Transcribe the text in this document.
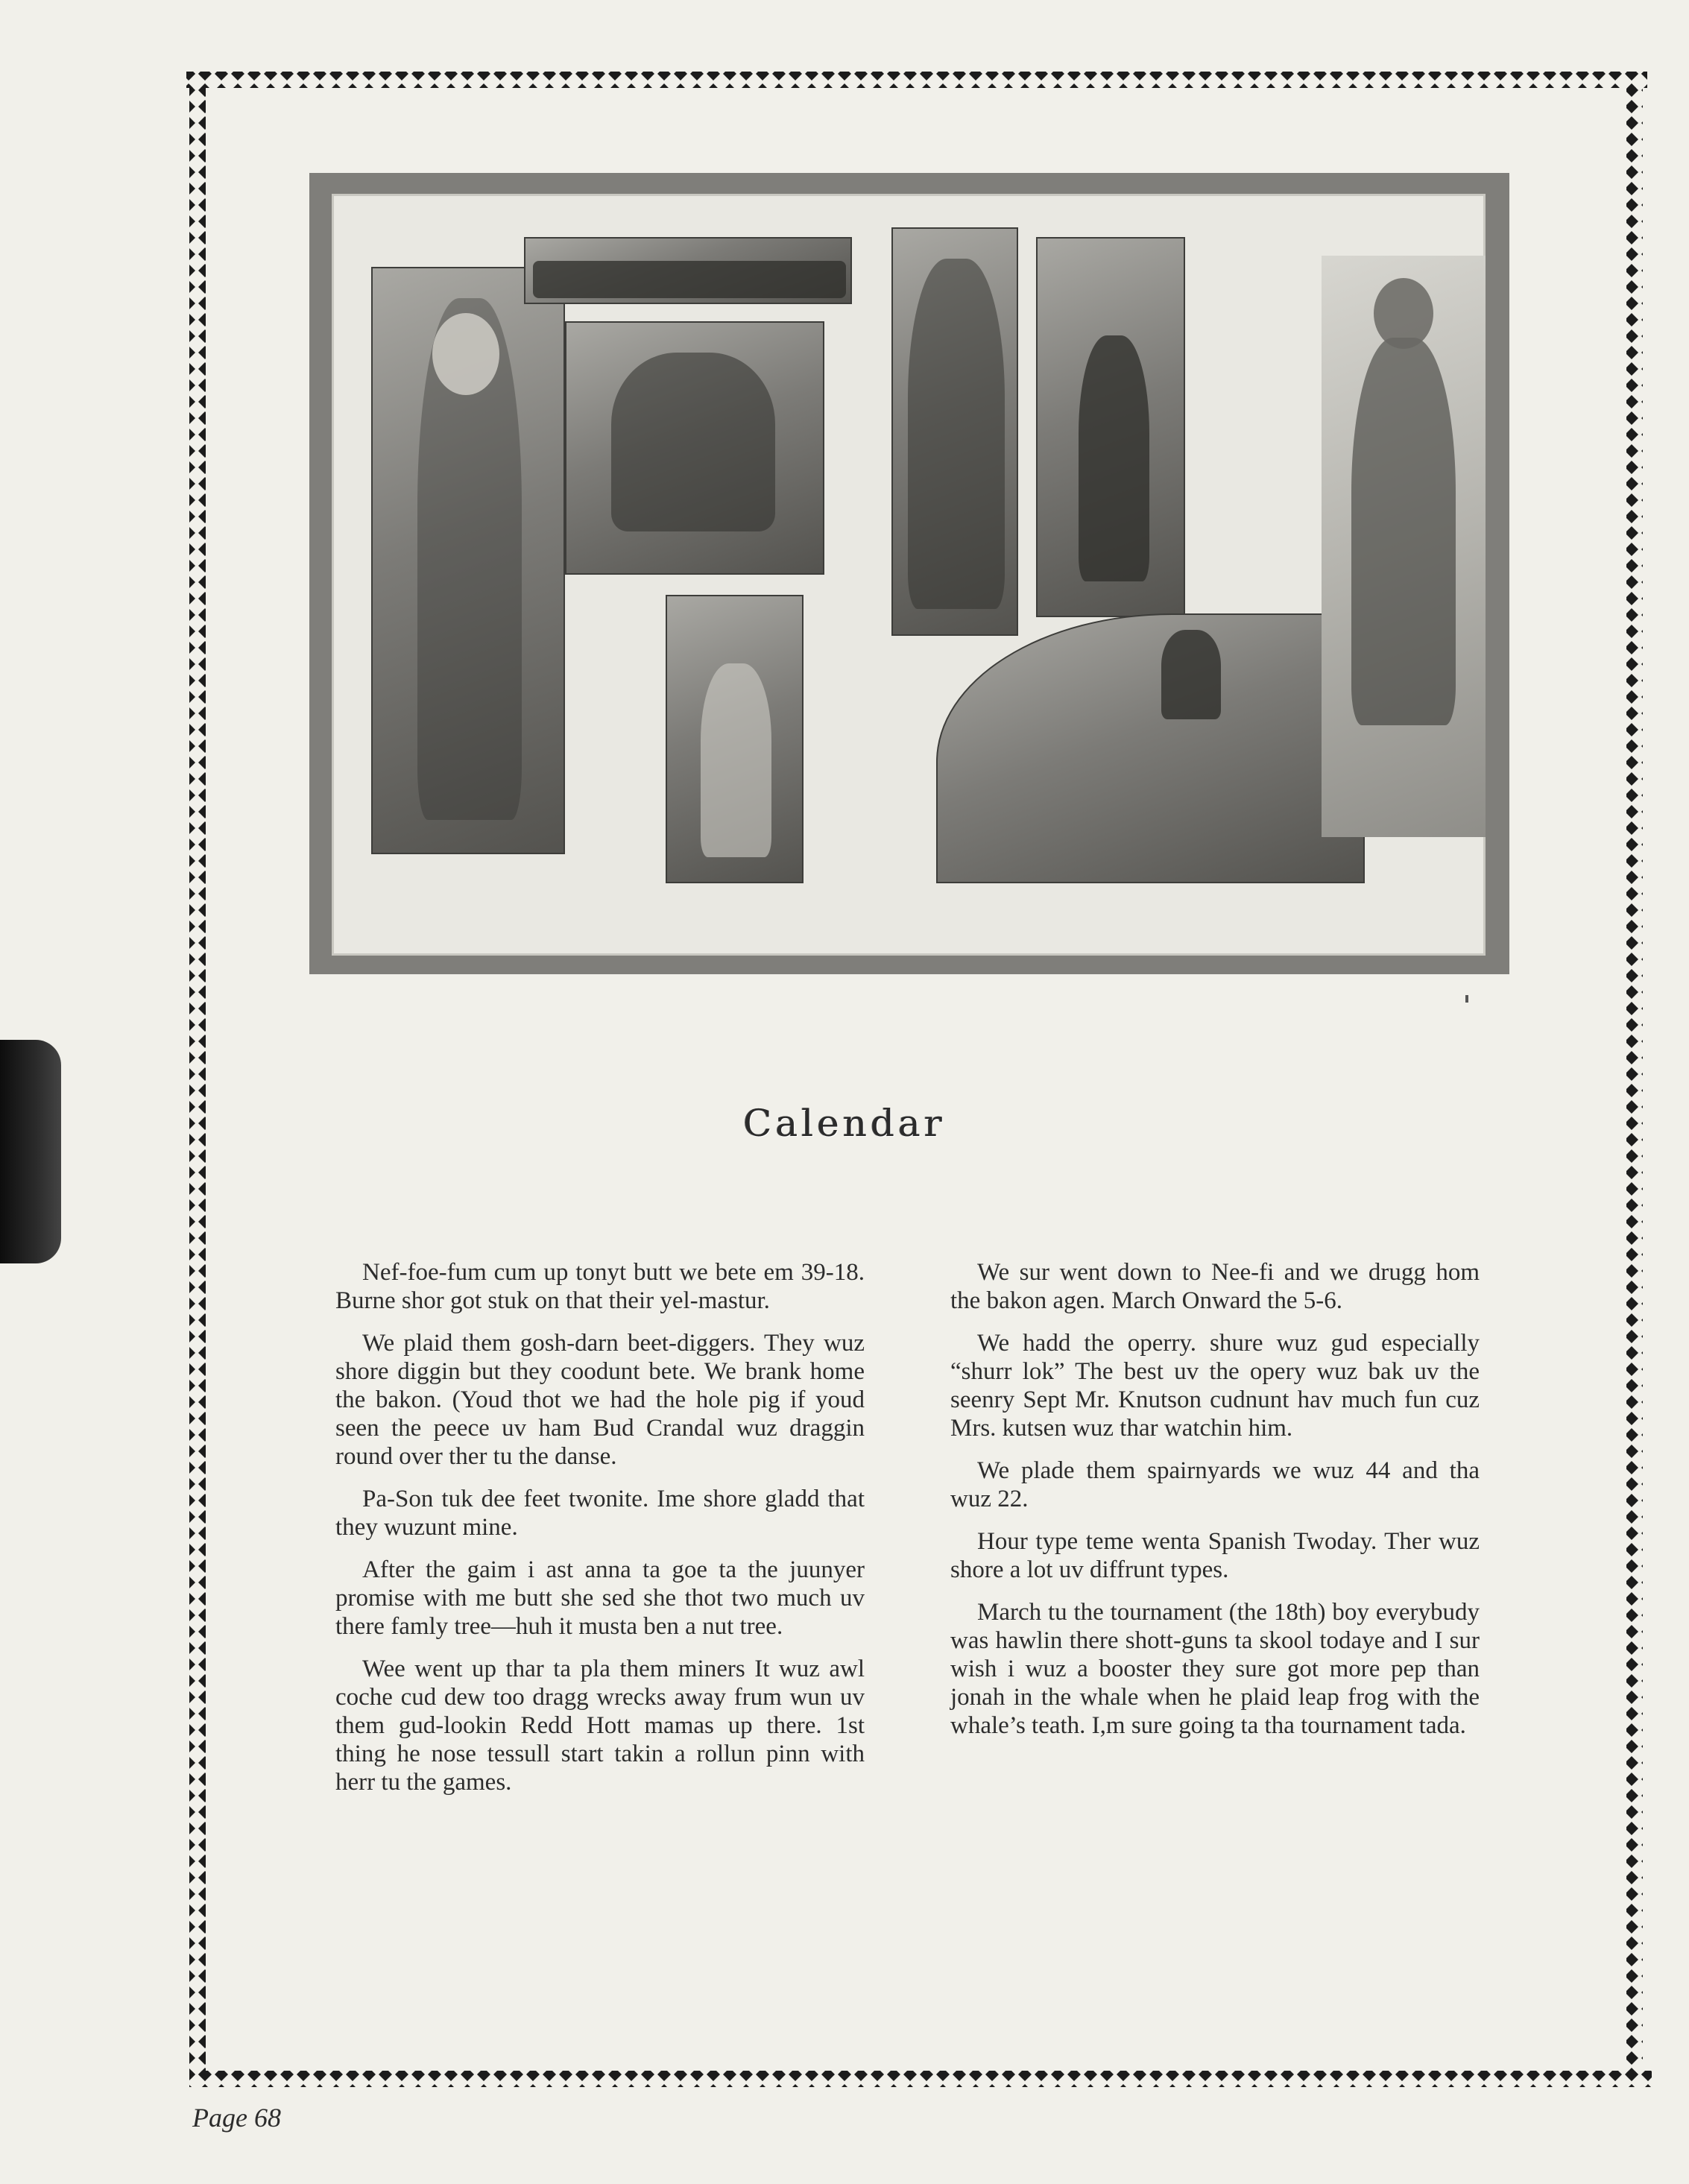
Calendar

Nef-foe-fum cum up tonyt butt we bete em 39-18. Burne shor got stuk on that their yel-mastur.

We plaid them gosh-darn beet-diggers. They wuz shore diggin but they coodunt bete. We brank home the bakon. (Youd thot we had the hole pig if youd seen the peece uv ham Bud Crandal wuz draggin round over ther tu the danse.

Pa-Son tuk dee feet twonite. Ime shore gladd that they wuzunt mine.

After the gaim i ast anna ta goe ta the juunyer promise with me butt she sed she thot two much uv there famly tree—huh it musta ben a nut tree.

Wee went up thar ta pla them miners It wuz awl coche cud dew too dragg wrecks away frum wun uv them gud-lookin Redd Hott mamas up there. 1st thing he nose tessull start takin a rollun pinn with herr tu the games.

We sur went down to Nee-fi and we drugg hom the bakon agen. March Onward the 5-6.

We hadd the operry. shure wuz gud especially “shurr lok” The best uv the opery wuz bak uv the seenry Sept Mr. Knutson cudnunt hav much fun cuz Mrs. kutsen wuz thar watchin him.

We plade them spairnyards we wuz 44 and tha wuz 22.

Hour type teme wenta Spanish Twoday. Ther wuz shore a lot uv diffrunt types.

March tu the tournament (the 18th) boy everybudy was hawlin there shott-guns ta skool todaye and I sur wish i wuz a booster they sure got more pep than jonah in the whale when he plaid leap frog with the whale’s teath. I,m sure going ta tha tournament tada.

Page 68
